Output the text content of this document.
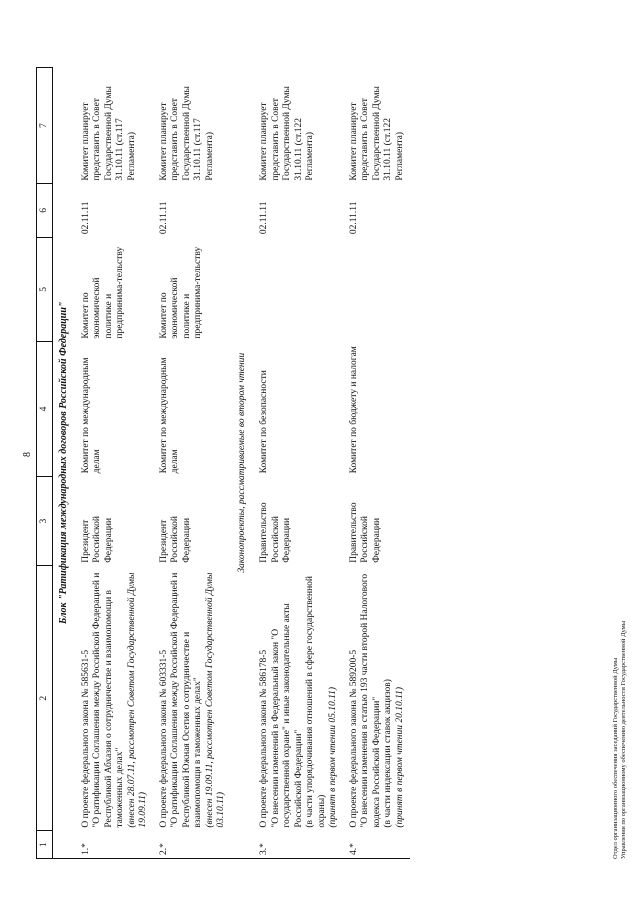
8
1	2	3	4	5	6	7
Блок "Ратификация международных договоров Российской Федерации"						
1.*	О проекте федерального закона № 585631-5 "О ратификации Соглашения между Российской Федерацией и Республикой Абхазия о сотрудничестве и взаимопомощи в таможенных делах" (внесен 28.07.11, рассмотрен Советом Государственной Думы 19.09.11)	Президент Российской Федерации	Комитет по международным делам	Комитет по экономической политике и предпринима-тельству	02.11.11	Комитет планирует представить в Совет Государственной Думы 31.10.11 (ст.117 Регламента)
2.*	О проекте федерального закона № 603331-5 "О ратификации Соглашения между Российской Федерацией и Республикой Южная Осетия о сотрудничестве и взаимопомощи в таможенных делах" (внесен 19.09.11, рассмотрен Советом Государственной Думы 03.10.11)	Президент Российской Федерации	Комитет по международным делам	Комитет по экономической политике и предпринима-тельству	02.11.11	Комитет планирует представить в Совет Государственной Думы 31.10.11 (ст.117 Регламента)
Законопроекты, рассматриваемые во втором чтении						
3.*	О проекте федерального закона № 586178-5 "О внесении изменений в Федеральный закон "О государственной охране" и иные законодательные акты Российской Федерации" (в части упорядочивания отношений в сфере государственной охраны) (принят в первом чтении 05.10.11)	Правительство Российской Федерации	Комитет по безопасности		02.11.11	Комитет планирует представить в Совет Государственной Думы 31.10.11 (ст.122 Регламента)
4.*	О проекте федерального закона № 589200-5 "О внесении изменения в статью 193 части второй Налогового кодекса Российской Федерации" (в части индексации ставок акцизов) (принят в первом чтении 20.10.11)	Правительство Российской Федерации	Комитет по бюджету и налогам		02.11.11	Комитет планирует представить в Совет Государственной Думы 31.10.11 (ст.122 Регламента)
Отдел организационного обеспечения заседаний Государственной Думы Управления по организационному обеспечению деятельности Государственной Думы
